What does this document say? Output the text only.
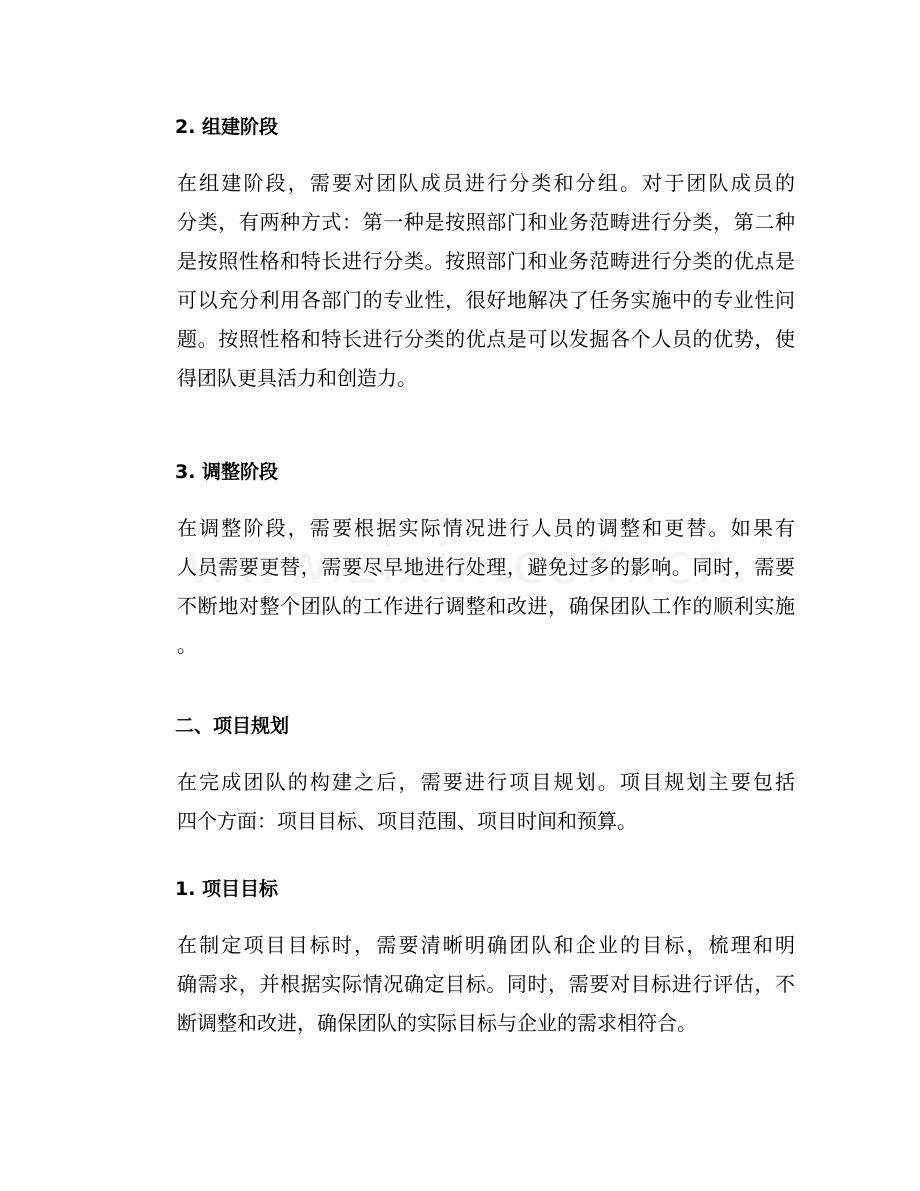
2. 组建阶段
在组建阶段，需要对团队成员进行分类和分组。对于团队成员的
分类，有两种方式：第一种是按照部门和业务范畴进行分类，第二种
是按照性格和特长进行分类。按照部门和业务范畴进行分类的优点是
可以充分利用各部门的专业性，很好地解决了任务实施中的专业性问
题。按照性格和特长进行分类的优点是可以发掘各个人员的优势，使
得团队更具活力和创造力。
3. 调整阶段
在调整阶段，需要根据实际情况进行人员的调整和更替。如果有
人员需要更替，需要尽早地进行处理，避免过多的影响。同时，需要
不断地对整个团队的工作进行调整和改进，确保团队工作的顺利实施
。
二、项目规划
在完成团队的构建之后，需要进行项目规划。项目规划主要包括
四个方面：项目目标、项目范围、项目时间和预算。
1. 项目目标
在制定项目目标时，需要清晰明确团队和企业的目标，梳理和明
确需求，并根据实际情况确定目标。同时，需要对目标进行评估，不
断调整和改进，确保团队的实际目标与企业的需求相符合。
